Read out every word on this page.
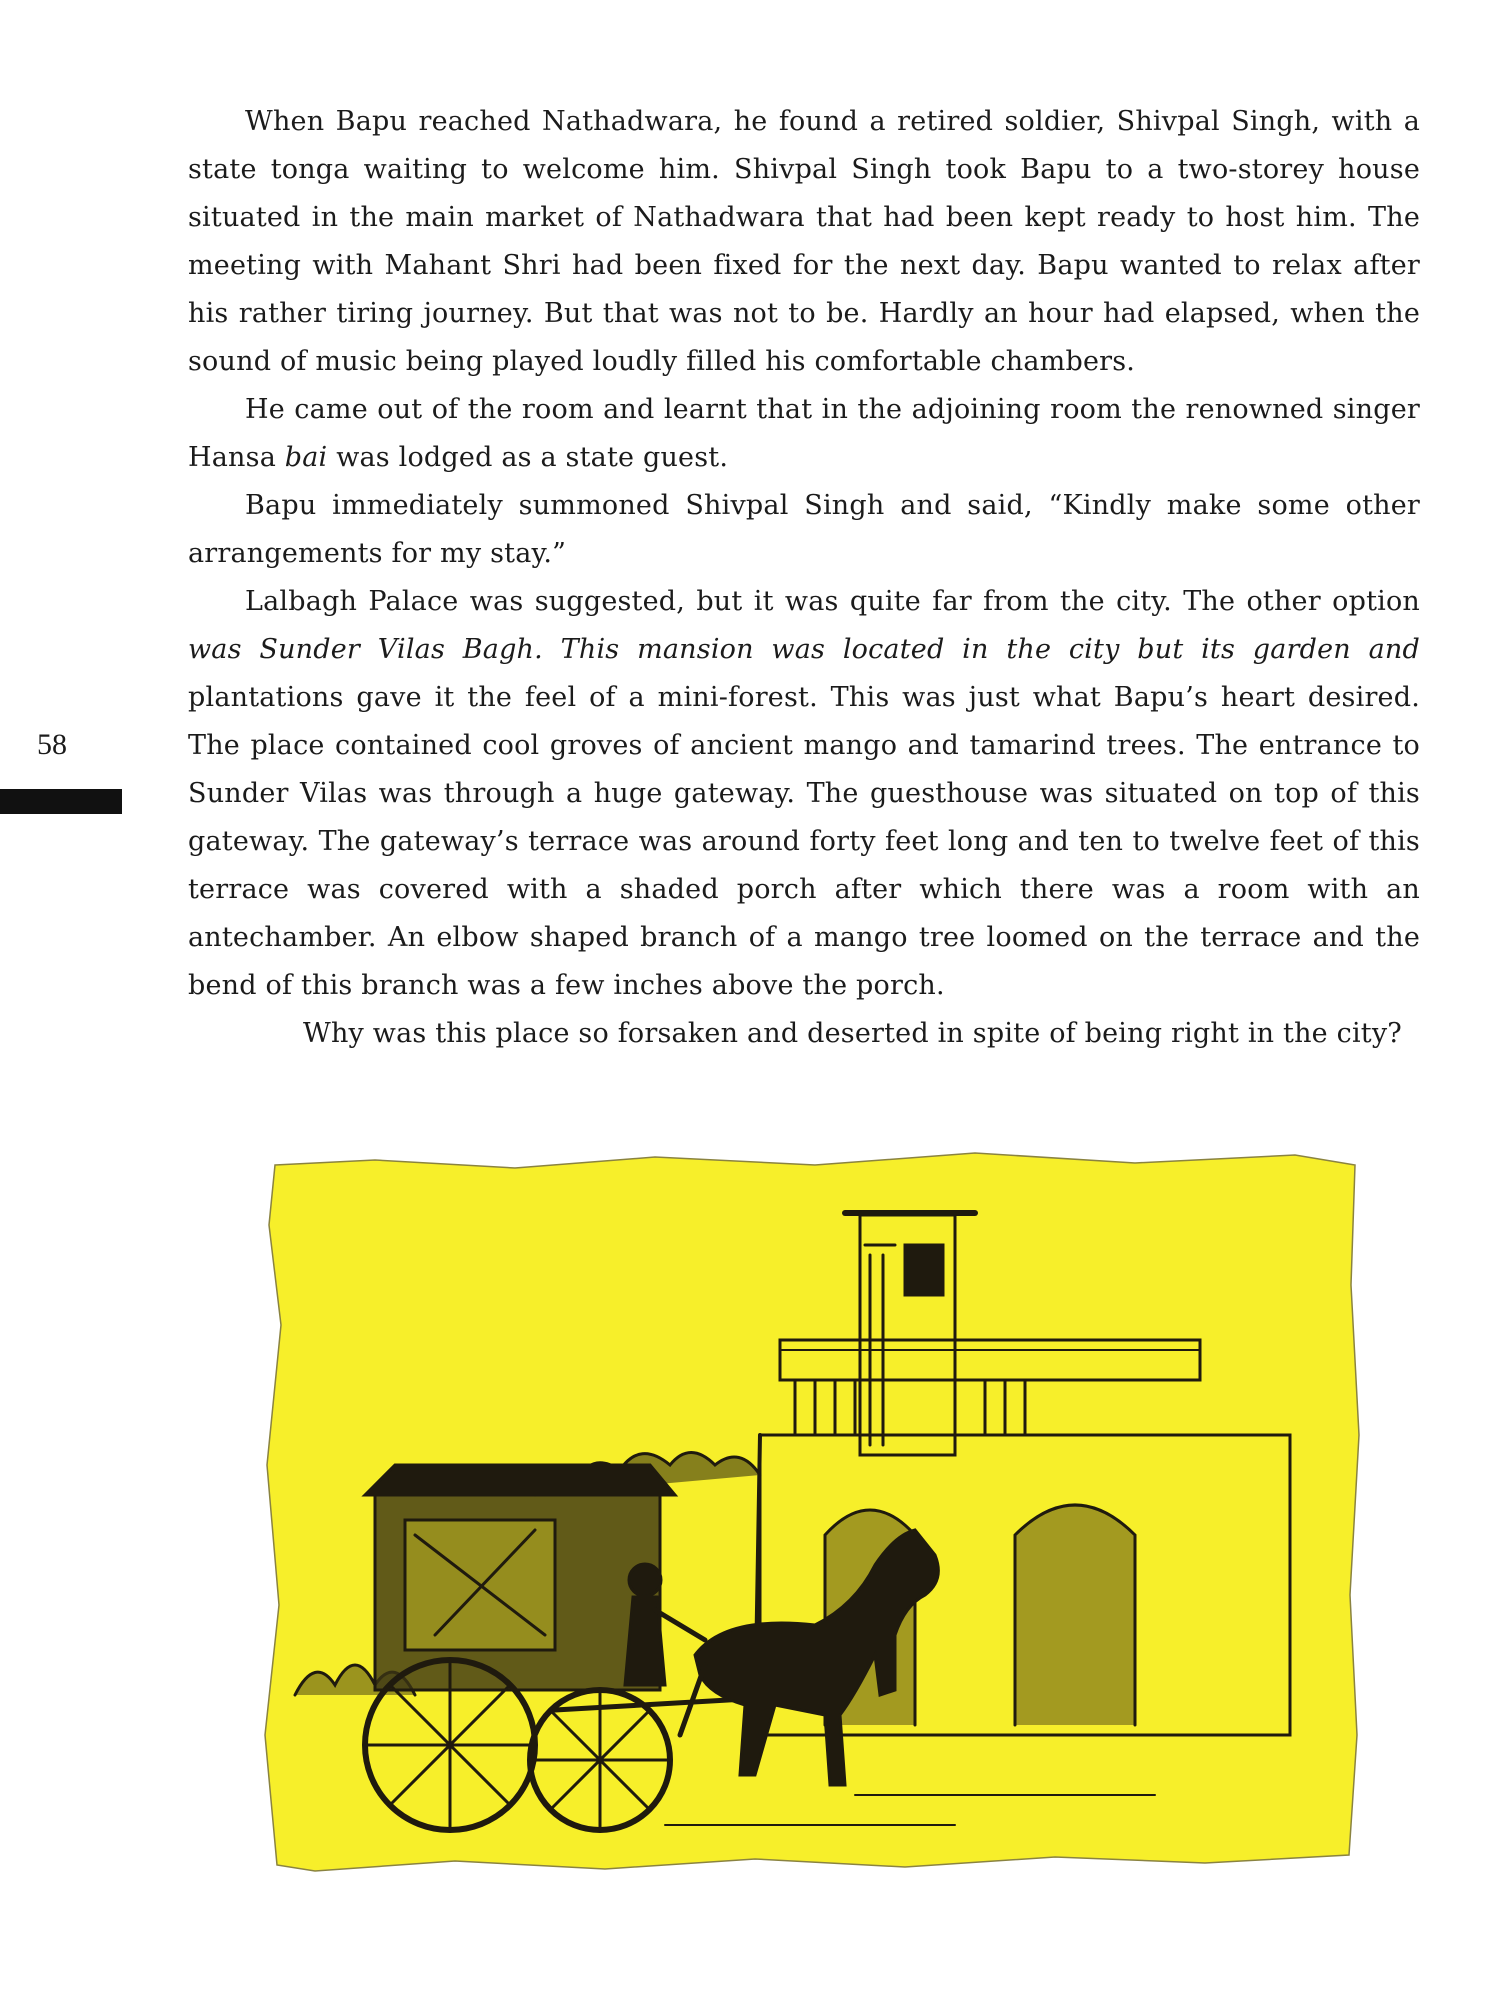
58

When Bapu reached Nathadwara, he found a retired soldier, Shivpal Singh, with a state tonga waiting to welcome him. Shivpal Singh took Bapu to a two-storey house situated in the main market of Nathadwara that had been kept ready to host him. The meeting with Mahant Shri had been fixed for the next day. Bapu wanted to relax after his rather tiring journey. But that was not to be. Hardly an hour had elapsed, when the sound of music being played loudly filled his comfortable chambers.

He came out of the room and learnt that in the adjoining room the renowned singer Hansa bai was lodged as a state guest.

Bapu immediately summoned Shivpal Singh and said, “Kindly make some other arrangements for my stay.”

Lalbagh Palace was suggested, but it was quite far from the city. The other option was Sunder Vilas Bagh. This mansion was located in the city but its garden and plantations gave it the feel of a mini-forest. This was just what Bapu’s heart desired. The place contained cool groves of ancient mango and tamarind trees. The entrance to Sunder Vilas was through a huge gateway. The guesthouse was situated on top of this gateway. The gateway’s terrace was around forty feet long and ten to twelve feet of this terrace was covered with a shaded porch after which there was a room with an antechamber. An elbow shaped branch of a mango tree loomed on the terrace and the bend of this branch was a few inches above the porch.

Why was this place so forsaken and deserted in spite of being right in the city?
